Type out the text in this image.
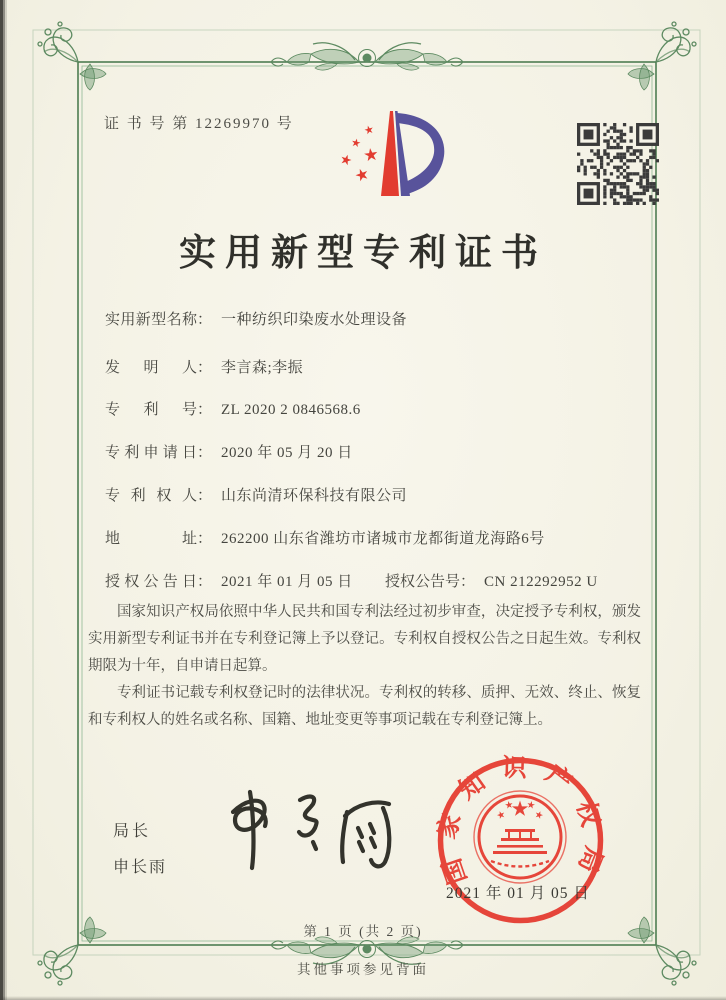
证 书 号 第 12269970 号
实用新型专利证书
实用新型名称： 一种纺织印染废水处理设备
发明人： 李言森;李振
专利号： ZL 2020 2 0846568.6
专利申请日： 2020 年 05 月 20 日
专利权人： 山东尚清环保科技有限公司
地址： 262200 山东省潍坊市诸城市龙都街道龙海路6号
授权公告日： 2021 年 01 月 05 日 授权公告号： CN 212292952 U

国家知识产权局依照中华人民共和国专利法经过初步审查，决定授予专利权，颁发实用新型专利证书并在专利登记簿上予以登记。专利权自授权公告之日起生效。专利权期限为十年，自申请日起算。

专利证书记载专利权登记时的法律状况。专利权的转移、质押、无效、终止、恢复和专利权人的姓名或名称、国籍、地址变更等事项记载在专利登记簿上。

局长
申长雨	国家知识产权局
2021 年 01 月 05 日
第 1 页 (共 2 页)
其他事项参见背面
